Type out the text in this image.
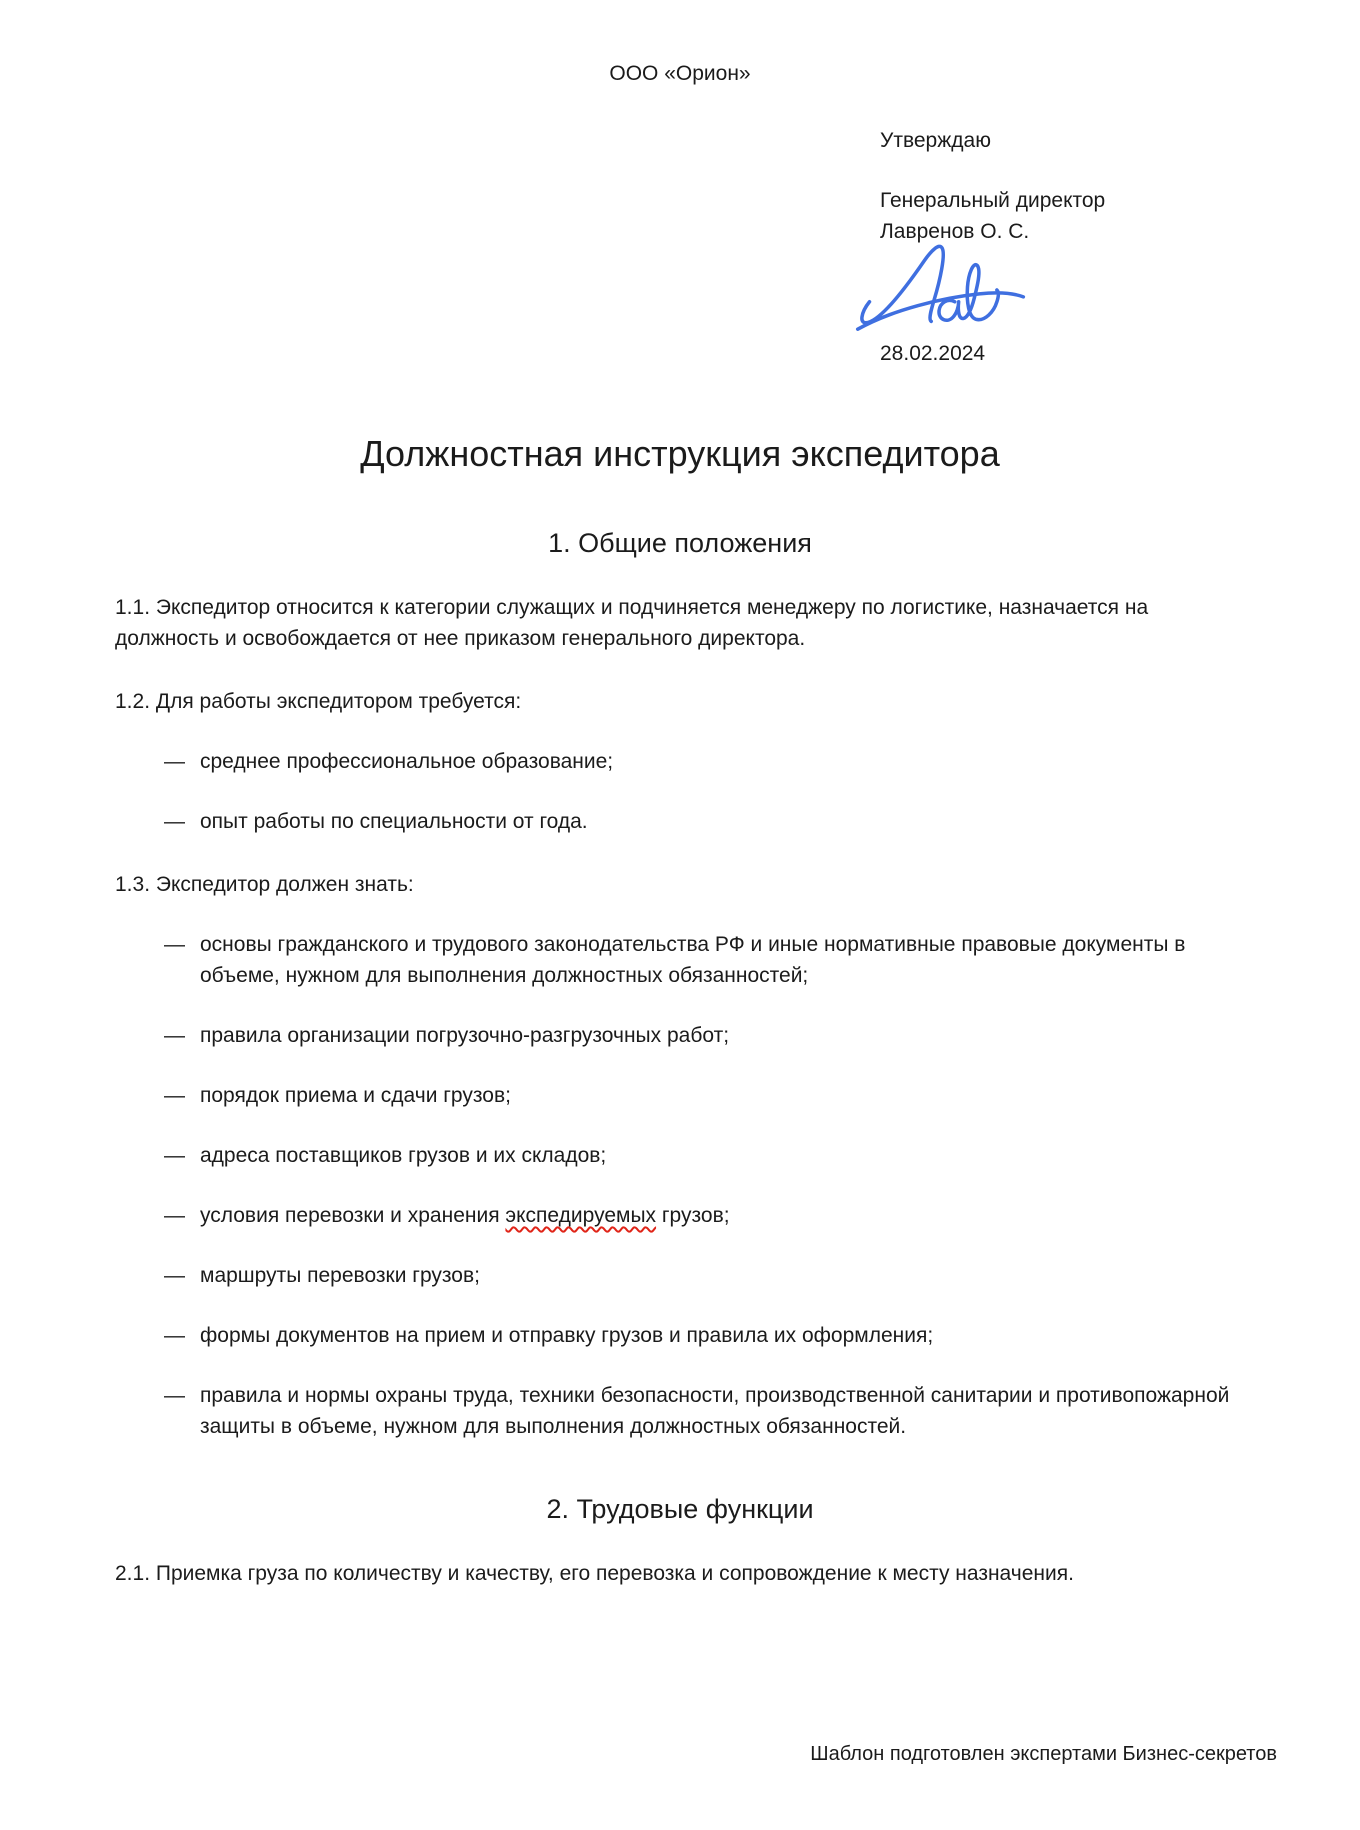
ООО «Орион»
Утверждаю
Генеральный директор
Лавренов О. С.
28.02.2024
Должностная инструкция экспедитора
1. Общие положения
1.1. Экспедитор относится к категории служащих и подчиняется менеджеру по логистике, назначается на должность и освобождается от нее приказом генерального директора.
1.2. Для работы экспедитором требуется:
— среднее профессиональное образование;
— опыт работы по специальности от года.
1.3. Экспедитор должен знать:
— основы гражданского и трудового законодательства РФ и иные нормативные правовые документы в объеме, нужном для выполнения должностных обязанностей;
— правила организации погрузочно-разгрузочных работ;
— порядок приема и сдачи грузов;
— адреса поставщиков грузов и их складов;
— условия перевозки и хранения экспедируемых грузов;
— маршруты перевозки грузов;
— формы документов на прием и отправку грузов и правила их оформления;
— правила и нормы охраны труда, техники безопасности, производственной санитарии и противопожарной защиты в объеме, нужном для выполнения должностных обязанностей.
2. Трудовые функции
2.1. Приемка груза по количеству и качеству, его перевозка и сопровождение к месту назначения.
Шаблон подготовлен экспертами Бизнес-секретов
